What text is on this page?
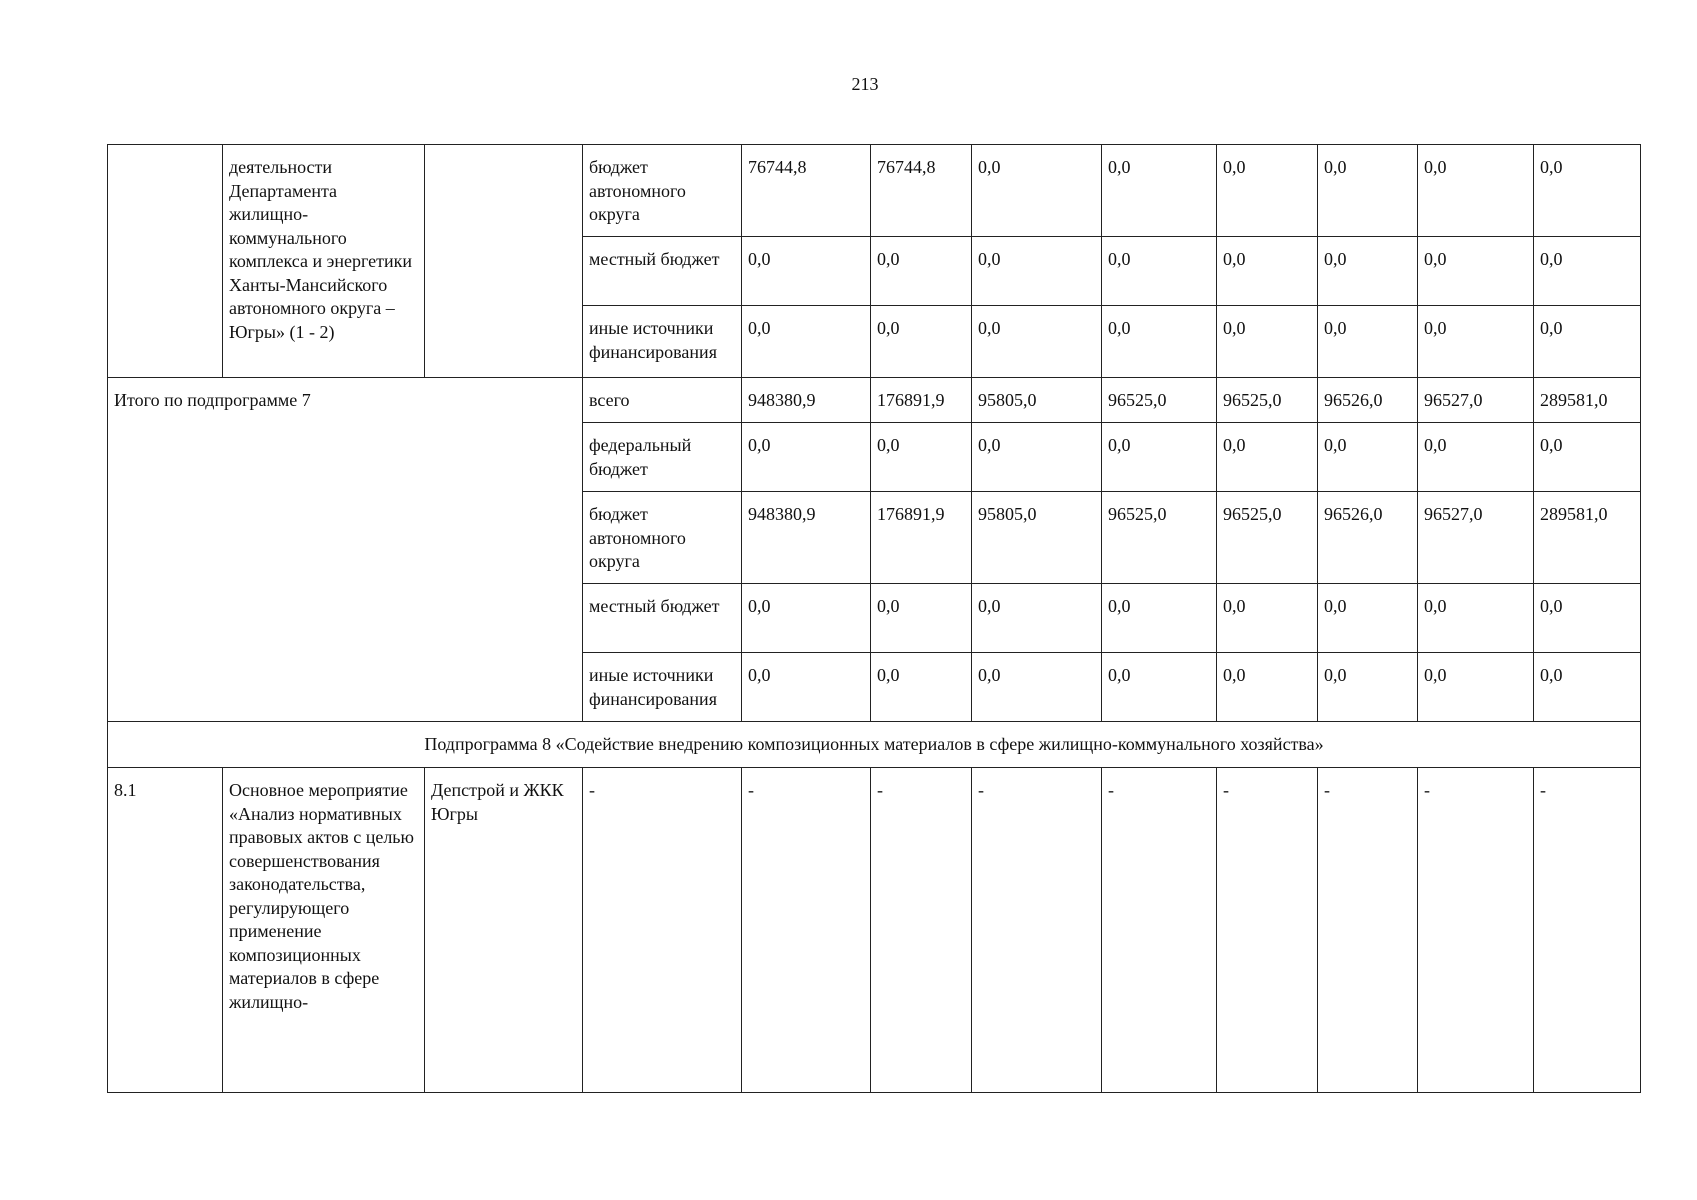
213
	деятельности Департамента жилищно-коммунального комплекса и энергетики Ханты-Мансийского автономного округа – Югры» (1 - 2)		бюджет автономного округа	76744,8	76744,8	0,0	0,0	0,0	0,0	0,0	0,0
			местный бюджет	0,0	0,0	0,0	0,0	0,0	0,0	0,0	0,0
			иные источники финансирования	0,0	0,0	0,0	0,0	0,0	0,0	0,0	0,0
Итого по подпрограмме 7			всего	948380,9	176891,9	95805,0	96525,0	96525,0	96526,0	96527,0	289581,0
			федеральный бюджет	0,0	0,0	0,0	0,0	0,0	0,0	0,0	0,0
			бюджет автономного округа	948380,9	176891,9	95805,0	96525,0	96525,0	96526,0	96527,0	289581,0
			местный бюджет	0,0	0,0	0,0	0,0	0,0	0,0	0,0	0,0
			иные источники финансирования	0,0	0,0	0,0	0,0	0,0	0,0	0,0	0,0
Подпрограмма 8 «Содействие внедрению композиционных материалов в сфере жилищно-коммунального хозяйства»											
8.1	Основное мероприятие «Анализ нормативных правовых актов с целью совершенствования законодательства, регулирующего применение композиционных материалов в сфере жилищно-	Депстрой и ЖКК Югры	-	-	-	-	-	-	-	-	-
